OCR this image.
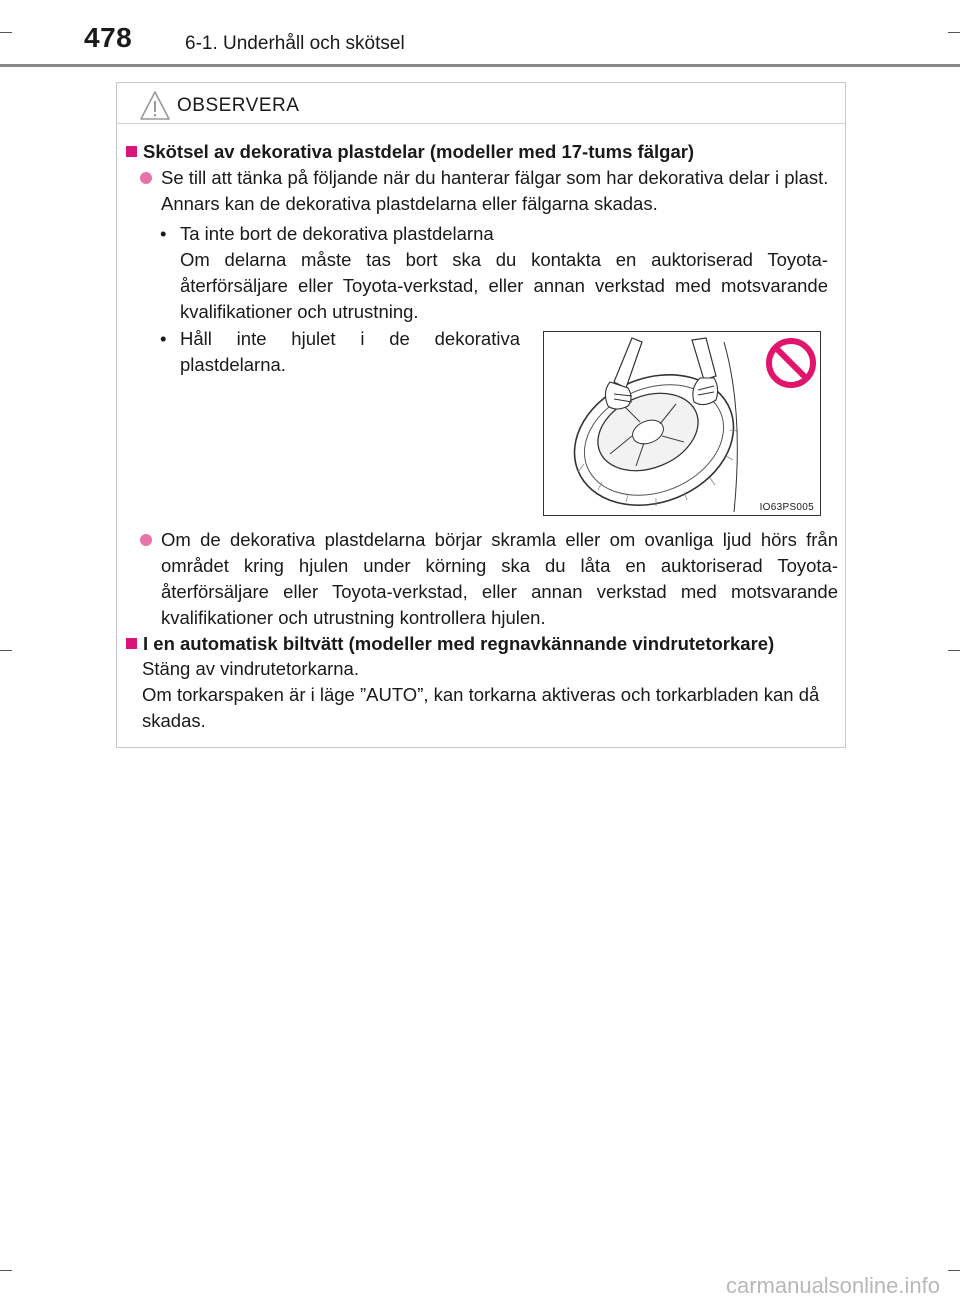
478	6-1. Underhåll och skötsel
OBSERVERA
Skötsel av dekorativa plastdelar (modeller med 17-tums fälgar)
Se till att tänka på följande när du hanterar fälgar som har dekorativa delar i plast. Annars kan de dekorativa plastdelarna eller fälgarna skadas.
• Ta inte bort de dekorativa plastdelarna
Om delarna måste tas bort ska du kontakta en auktoriserad Toyota-återförsäljare eller Toyota-verkstad, eller annan verkstad med motsvarande kvalifikationer och utrustning.
• Håll inte hjulet i de dekorativa plastdelarna.
IO63PS005
Om de dekorativa plastdelarna börjar skramla eller om ovanliga ljud hörs från området kring hjulen under körning ska du låta en auktoriserad Toyota-återförsäljare eller Toyota-verkstad, eller annan verkstad med motsvarande kvalifikationer och utrustning kontrollera hjulen.
I en automatisk biltvätt (modeller med regnavkännande vindrutetorkare)
Stäng av vindrutetorkarna.
Om torkarspaken är i läge ”AUTO”, kan torkarna aktiveras och torkarbladen kan då skadas.
carmanualsonline.info
